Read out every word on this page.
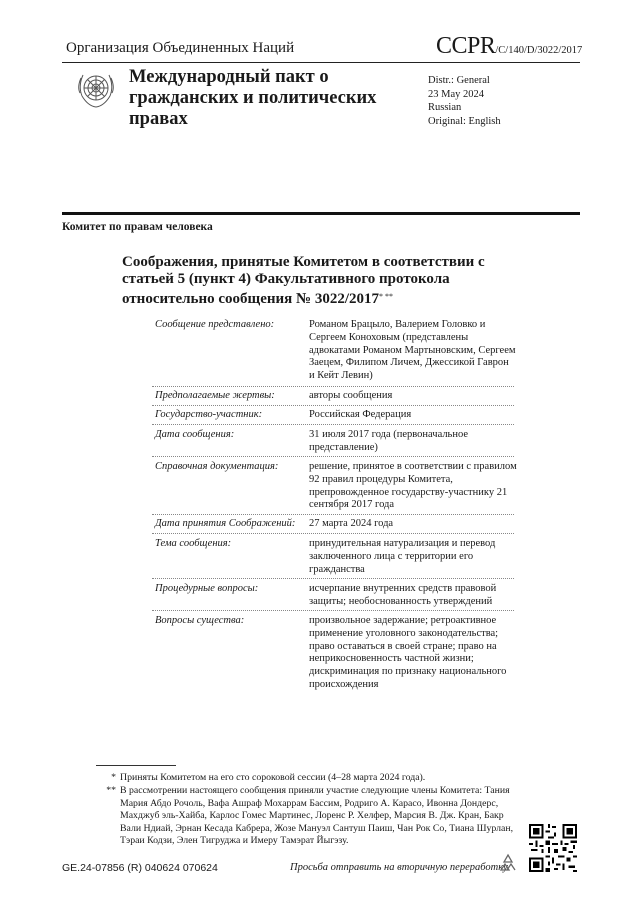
Организация Объединенных Наций	CCPR/C/140/D/3022/2017
Международный пакт о гражданских и политических правах
Distr.: General
23 May 2024
Russian
Original: English
Комитет по правам человека
Соображения, принятые Комитетом в соответствии с статьей 5 (пункт 4) Факультативного протокола относительно сообщения № 3022/2017* **
Сообщение представлено:	Романом Брацыло, Валерием Головко и Сергеем Коноховым (представлены адвокатами Романом Мартыновским, Сергеем Заецем, Филипом Личем, Джессикой Гаврон и Кейт Левин)
Предполагаемые жертвы:	авторы сообщения
Государство-участник:	Российская Федерация
Дата сообщения:	31 июля 2017 года (первоначальное представление)
Справочная документация:	решение, принятое в соответствии с правилом 92 правил процедуры Комитета, препровожденное государству-участнику 21 сентября 2017 года
Дата принятия Соображений:	27 марта 2024 года
Тема сообщения:	принудительная натурализация и перевод заключенного лица с территории его гражданства
Процедурные вопросы:	исчерпание внутренних средств правовой защиты; необоснованность утверждений
Вопросы существа:	произвольное задержание; ретроактивное применение уголовного законодательства; право оставаться в своей стране; право на неприкосновенность частной жизни; дискриминация по признаку национального происхождения
* Приняты Комитетом на его сто сороковой сессии (4–28 марта 2024 года).
** В рассмотрении настоящего сообщения приняли участие следующие члены Комитета: Тания Мария Абдо Рочоль, Вафа Ашраф Мохаррам Бассим, Родриго А. Карасо, Ивонна Дондерс, Махджуб эль-Хайба, Карлос Гомес Мартинес, Лоренс Р. Хелфер, Марсия В. Дж. Кран, Бакр Вали Ндиай, Эрнан Кесада Кабрера, Жозе Мануэл Сантуш Паиш, Чан Рок Со, Тиана Шурлан, Тэраи Кодзи, Элен Тигруджа и Имеру Тамэрат Йыгэзу.
GE.24-07856 (R) 040624 070624	Просьба отправить на вторичную переработку
